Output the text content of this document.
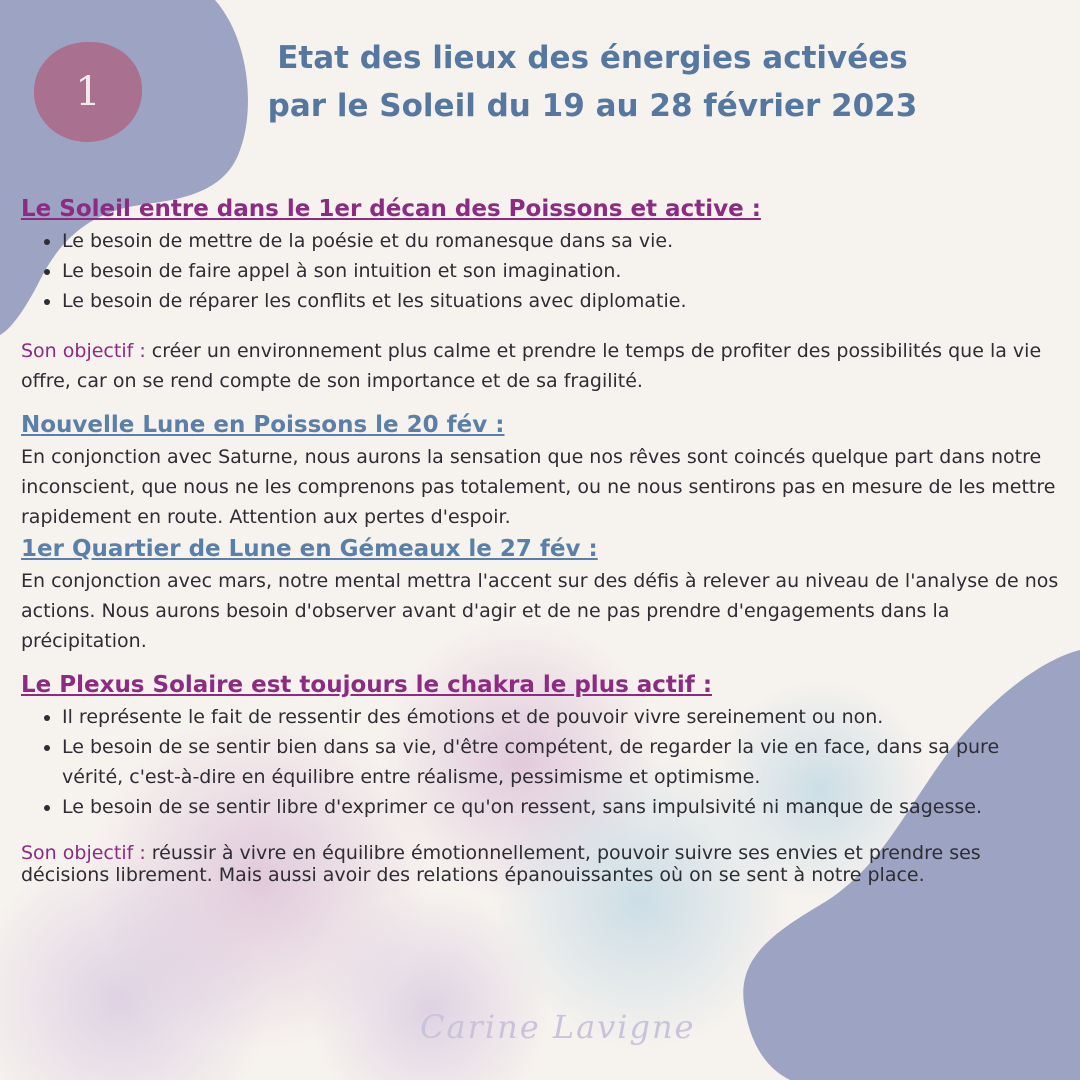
1
Etat des lieux des énergies activées
par le Soleil du 19 au 28 février 2023
Le Soleil entre dans le 1er décan des Poissons et active :
• Le besoin de mettre de la poésie et du romanesque dans sa vie.
• Le besoin de faire appel à son intuition et son imagination.
• Le besoin de réparer les conflits et les situations avec diplomatie.

Son objectif : créer un environnement plus calme et prendre le temps de profiter des possibilités que la vie offre, car on se rend compte de son importance et de sa fragilité.

Nouvelle Lune en Poissons le 20 fév :

En conjonction avec Saturne, nous aurons la sensation que nos rêves sont coincés quelque part dans notre inconscient, que nous ne les comprenons pas totalement, ou ne nous sentirons pas en mesure de les mettre rapidement en route. Attention aux pertes d'espoir.

1er Quartier de Lune en Gémeaux le 27 fév :

En conjonction avec mars, notre mental mettra l'accent sur des défis à relever au niveau de l'analyse de nos actions. Nous aurons besoin d'observer avant d'agir et de ne pas prendre d'engagements dans la précipitation.

Le Plexus Solaire est toujours le chakra le plus actif :
• Il représente le fait de ressentir des émotions et de pouvoir vivre sereinement ou non.
• Le besoin de se sentir bien dans sa vie, d'être compétent, de regarder la vie en face, dans sa pure vérité, c'est-à-dire en équilibre entre réalisme, pessimisme et optimisme.
• Le besoin de se sentir libre d'exprimer ce qu'on ressent, sans impulsivité ni manque de sagesse.

Son objectif : réussir à vivre en équilibre émotionnellement, pouvoir suivre ses envies et prendre ses décisions librement. Mais aussi avoir des relations épanouissantes où on se sent à notre place.

Carine Lavigne
